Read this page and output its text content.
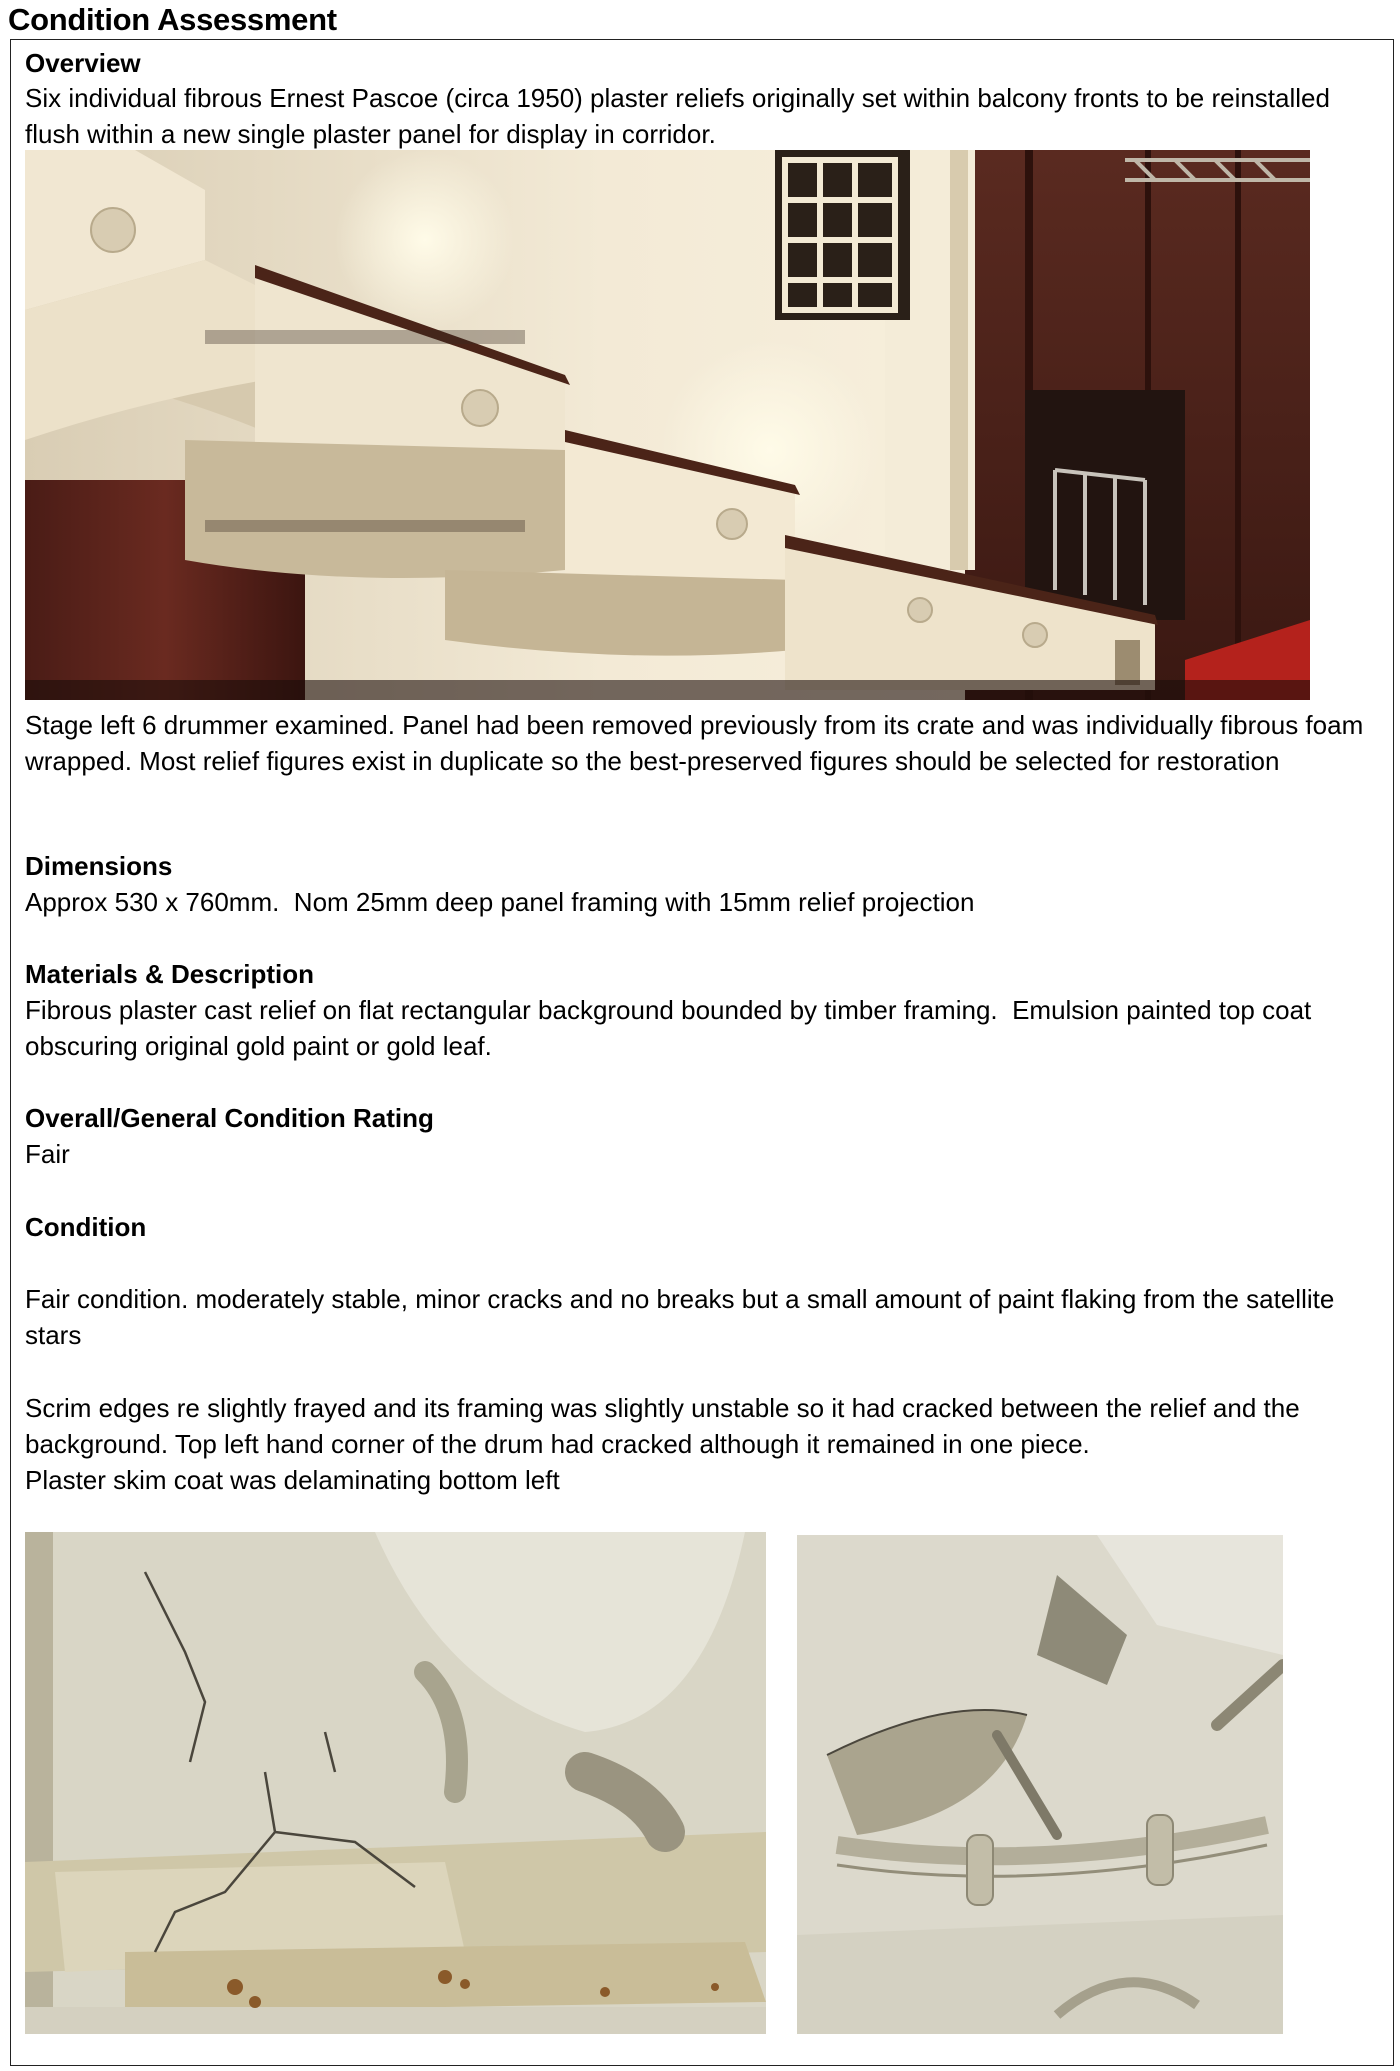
Condition Assessment
Overview
Six individual fibrous Ernest Pascoe (circa 1950) plaster reliefs originally set within balcony fronts to be reinstalled flush within a new single plaster panel for display in corridor.
Stage left 6 drummer examined. Panel had been removed previously from its crate and was individually fibrous foam wrapped. Most relief figures exist in duplicate so the best-preserved figures should be selected for restoration
Dimensions
Approx 530 x 760mm.  Nom 25mm deep panel framing with 15mm relief projection
Materials & Description
Fibrous plaster cast relief on flat rectangular background bounded by timber framing.  Emulsion painted top coat obscuring original gold paint or gold leaf.
Overall/General Condition Rating
Fair
Condition
Fair condition. moderately stable, minor cracks and no breaks but a small amount of paint flaking from the satellite stars
Scrim edges re slightly frayed and its framing was slightly unstable so it had cracked between the relief and the background. Top left hand corner of the drum had cracked although it remained in one piece.
Plaster skim coat was delaminating bottom left
